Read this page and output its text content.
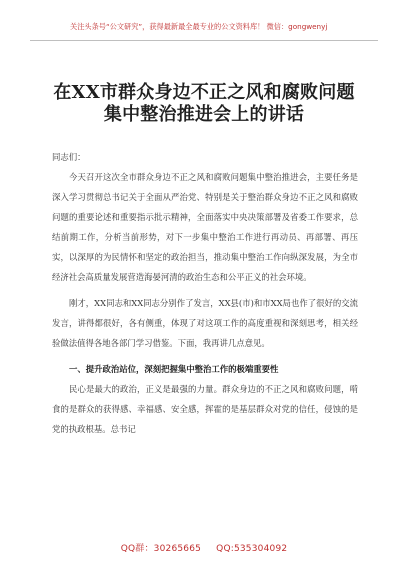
关注头条号“公文研究”，获得最新最全最专业的公文资料库！ 微信：gongwenyj
在XX市群众身边不正之风和腐败问题
集中整治推进会上的讲话

同志们：

今天召开这次全市群众身边不正之风和腐败问题集中整治推进会，主要任务是深入学习贯彻总书记关于全面从严治党、特别是关于整治群众身边不正之风和腐败问题的重要论述和重要指示批示精神，全面落实中央决策部署及省委工作要求，总结前期工作，分析当前形势，对下一步集中整治工作进行再动员、再部署、再压实，以深厚的为民情怀和坚定的政治担当，推动集中整治工作向纵深发展，为全市经济社会高质量发展营造海晏河清的政治生态和公平正义的社会环境。

刚才，XX同志和XX同志分别作了发言，XX县(市)和市XX局也作了很好的交流发言，讲得都很好，各有侧重，体现了对这项工作的高度重视和深刻思考，相关经验做法值得各地各部门学习借鉴。下面，我再讲几点意见。

一、提升政治站位，深刻把握集中整治工作的极端重要性

民心是最大的政治，正义是最强的力量。群众身边的不正之风和腐败问题，啃食的是群众的获得感、幸福感、安全感，挥霍的是基层群众对党的信任，侵蚀的是党的执政根基。总书记

QQ群：30265665 QQ:535304092
